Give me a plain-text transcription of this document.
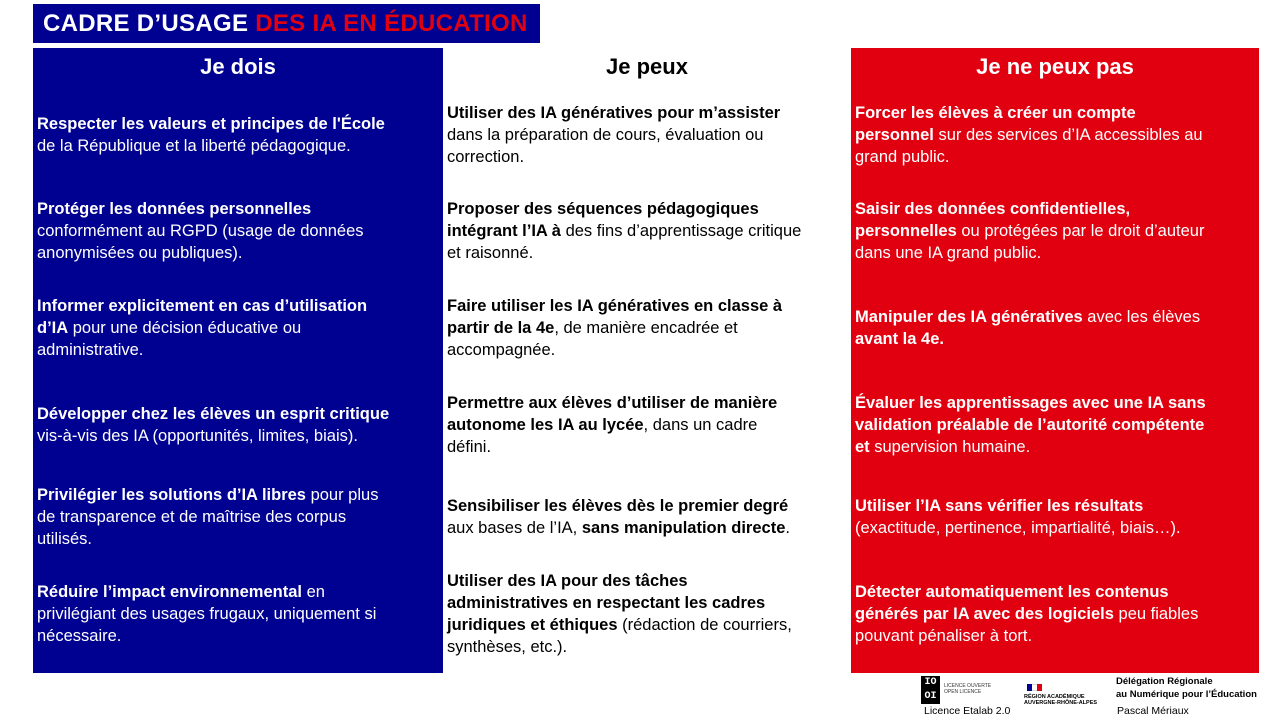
CADRE D’USAGE
DES IA EN ÉDUCATION
Je dois
Respecter les valeurs et principes de l'École
de la République et la liberté pédagogique.
Protéger les données personnelles
conformément au RGPD (usage de données
anonymisées ou publiques).
Informer explicitement en cas d’utilisation
d’IA pour une décision éducative ou
administrative.
Développer chez les élèves un esprit critique
vis-à-vis des IA (opportunités, limites, biais).
Privilégier les solutions d’IA libres pour plus
de transparence et de maîtrise des corpus
utilisés.
Réduire l’impact environnemental en
privilégiant des usages frugaux, uniquement si
nécessaire.
Je peux
Utiliser des IA génératives pour m’assister
dans la préparation de cours, évaluation ou
correction.
Proposer des séquences pédagogiques
intégrant l’IA à des fins d’apprentissage critique
et raisonné.
Faire utiliser les IA génératives en classe à
partir de la 4e, de manière encadrée et
accompagnée.
Permettre aux élèves d’utiliser de manière
autonome les IA au lycée, dans un cadre
défini.
Sensibiliser les élèves dès le premier degré
aux bases de l’IA, sans manipulation directe.
Utiliser des IA pour des tâches
administratives en respectant les cadres
juridiques et éthiques (rédaction de courriers,
synthèses, etc.).
Je ne peux pas
Forcer les élèves à créer un compte
personnel sur des services d’IA accessibles au
grand public.
Saisir des données confidentielles,
personnelles ou protégées par le droit d’auteur
dans une IA grand public.
Manipuler des IA génératives avec les élèves
avant la 4e.
Évaluer les apprentissages avec une IA sans
validation préalable de l’autorité compétente
et supervision humaine.
Utiliser l’IA sans vérifier les résultats
(exactitude, pertinence, impartialité, biais…).
Détecter automatiquement les contenus
générés par IA avec des logiciels peu fiables
pouvant pénaliser à tort.
IO
OI
LICENCE OUVERTE
OPEN LICENCE
Licence Etalab 2.0
RÉGION ACADÉMIQUE
AUVERGNE-RHÔNE-ALPES
Délégation Régionale
au Numérique pour l’Éducation
Pascal Mériaux
